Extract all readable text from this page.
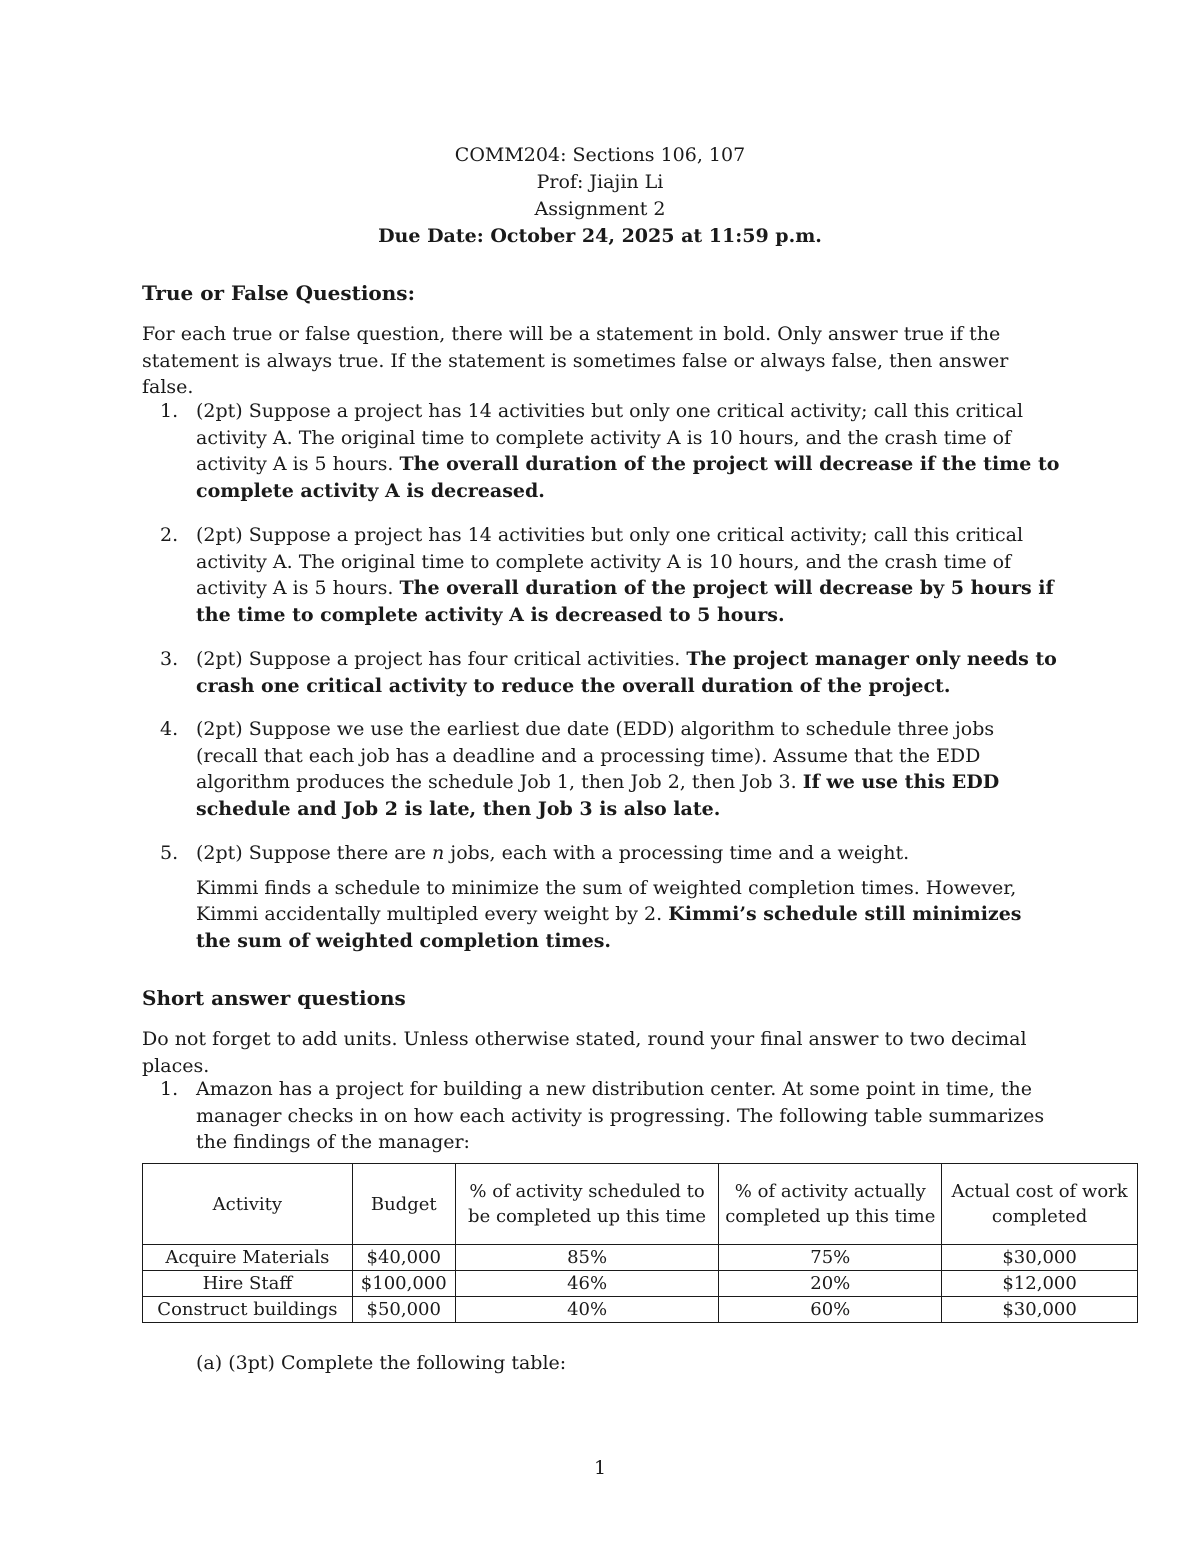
COMM204: Sections 106, 107
Prof: Jiajin Li
Assignment 2
Due Date: October 24, 2025 at 11:59 p.m.
True or False Questions:
For each true or false question, there will be a statement in bold. Only answer true if the statement is always true. If the statement is sometimes false or always false, then answer false.
1. (2pt) Suppose a project has 14 activities but only one critical activity; call this critical activity A. The original time to complete activity A is 10 hours, and the crash time of activity A is 5 hours. The overall duration of the project will decrease if the time to complete activity A is decreased.
2. (2pt) Suppose a project has 14 activities but only one critical activity; call this critical activity A. The original time to complete activity A is 10 hours, and the crash time of activity A is 5 hours. The overall duration of the project will decrease by 5 hours if the time to complete activity A is decreased to 5 hours.
3. (2pt) Suppose a project has four critical activities. The project manager only needs to crash one critical activity to reduce the overall duration of the project.
4. (2pt) Suppose we use the earliest due date (EDD) algorithm to schedule three jobs (recall that each job has a deadline and a processing time). Assume that the EDD algorithm produces the schedule Job 1, then Job 2, then Job 3. If we use this EDD schedule and Job 2 is late, then Job 3 is also late.
5. (2pt) Suppose there are n jobs, each with a processing time and a weight.

Kimmi finds a schedule to minimize the sum of weighted completion times. However, Kimmi accidentally multipled every weight by 2. Kimmi’s schedule still minimizes the sum of weighted completion times.

Short answer questions
Do not forget to add units. Unless otherwise stated, round your final answer to two decimal places.
1. Amazon has a project for building a new distribution center. At some point in time, the manager checks in on how each activity is progressing. The following table summarizes the findings of the manager:
Activity	Budget	% of activity scheduled to be completed up this time	% of activity actually completed up this time	Actual cost of work completed
Acquire Materials	$40,000	85%	75%	$30,000
Hire Staff	$100,000	46%	20%	$12,000
Construct buildings	$50,000	40%	60%	$30,000
(a) (3pt) Complete the following table:
1
